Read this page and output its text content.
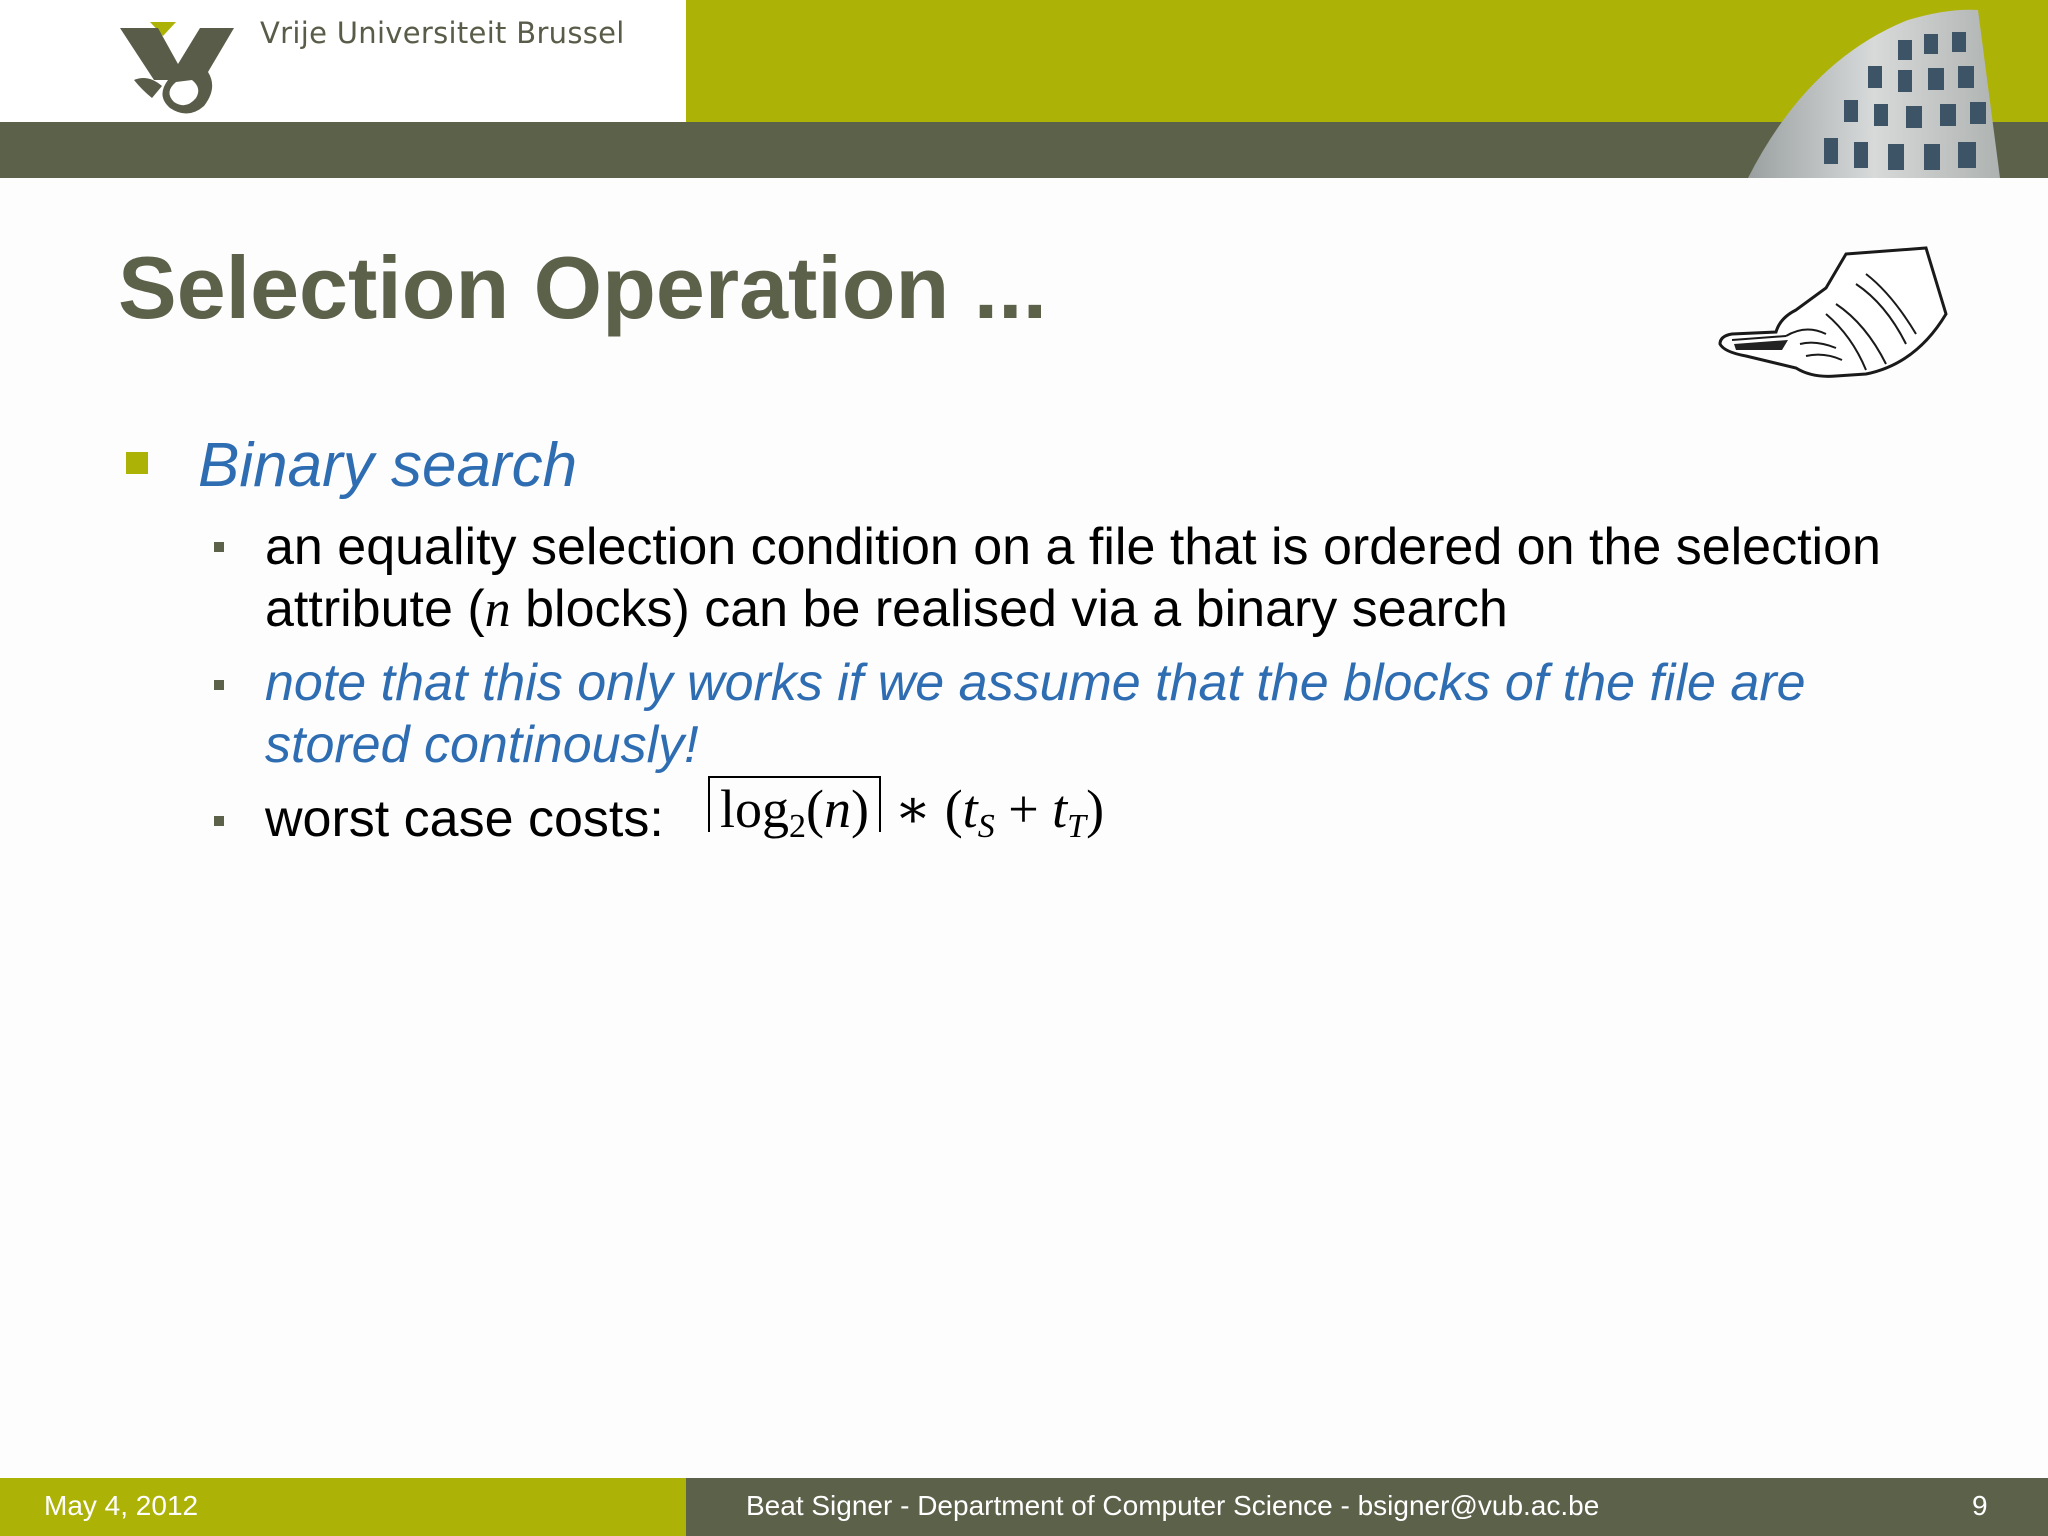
Vrije Universiteit Brussel
Selection Operation ...
Binary search
an equality selection condition on a file that is ordered on the selection attribute (n blocks) can be realised via a binary search
note that this only works if we assume that the blocks of the file are stored continously!
worst case costs: $\log_2(n)$ ∗ $(t_S + t_T)$
May 4, 2012	Beat Signer - Department of Computer Science - bsigner@vub.ac.be	9
